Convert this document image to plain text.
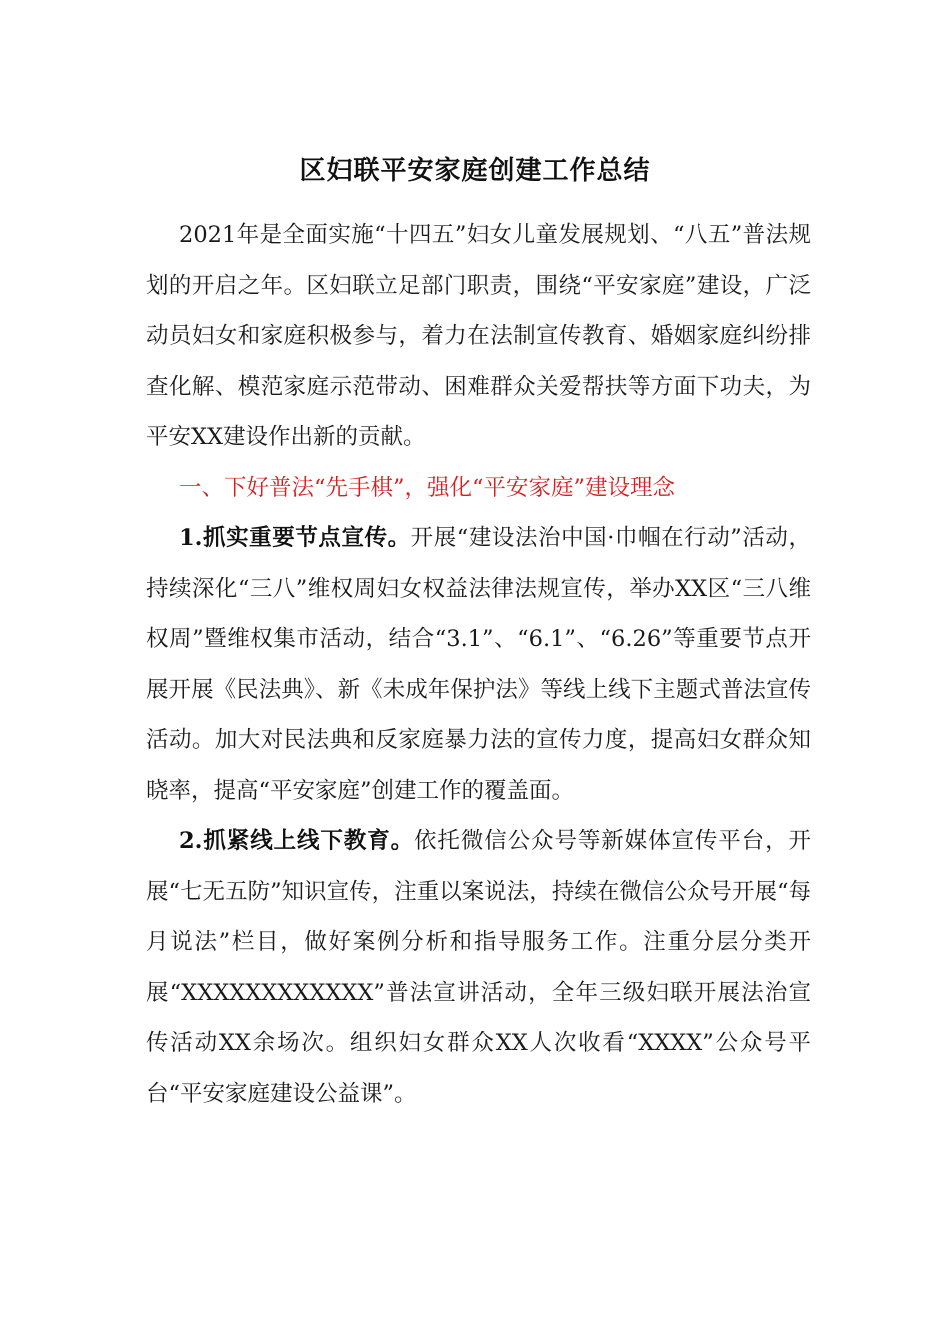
区妇联平安家庭创建工作总结

2021年是全面实施“十四五”妇女儿童发展规划、“八五”普法规划的开启之年。区妇联立足部门职责，围绕“平安家庭”建设，广泛动员妇女和家庭积极参与，着力在法制宣传教育、婚姻家庭纠纷排查化解、模范家庭示范带动、困难群众关爱帮扶等方面下功夫，为平安XX建设作出新的贡献。

一、下好普法“先手棋”，强化“平安家庭”建设理念

1.抓实重要节点宣传。开展“建设法治中国·巾帼在行动”活动，持续深化“三八”维权周妇女权益法律法规宣传，举办XX区“三八维权周”暨维权集市活动，结合“3.1”、“6.1”、“6.26”等重要节点开展开展《民法典》、新《未成年保护法》等线上线下主题式普法宣传活动。加大对民法典和反家庭暴力法的宣传力度，提高妇女群众知晓率，提高“平安家庭”创建工作的覆盖面。

2.抓紧线上线下教育。依托微信公众号等新媒体宣传平台，开展“七无五防”知识宣传，注重以案说法，持续在微信公众号开展“每月说法”栏目，做好案例分析和指导服务工作。注重分层分类开展“XXXXXXXXXXXX”普法宣讲活动，全年三级妇联开展法治宣传活动XX余场次。组织妇女群众XX人次收看“XXXX”公众号平台“平安家庭建设公益课”。
